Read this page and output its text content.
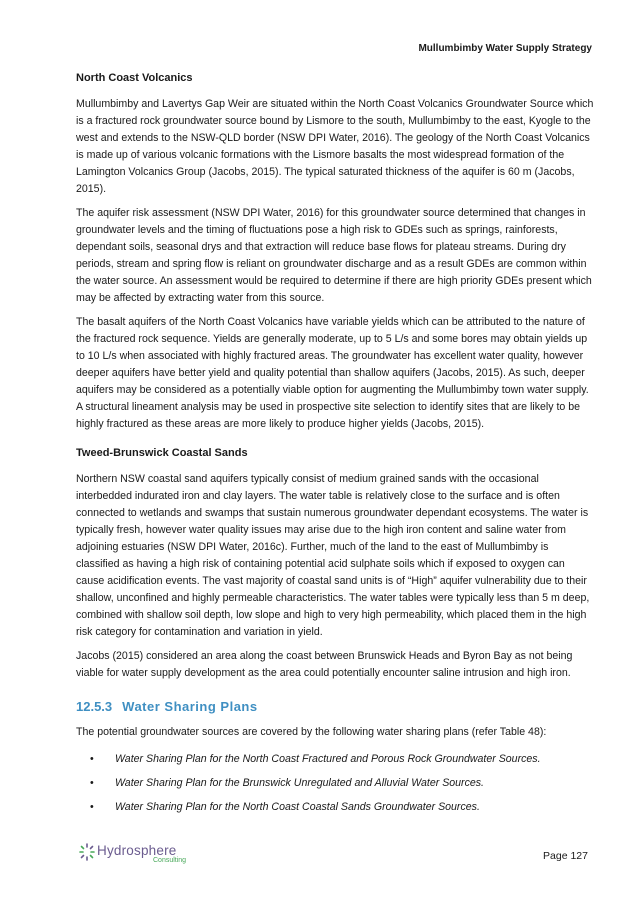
Mullumbimby Water Supply Strategy
North Coast Volcanics

Mullumbimby and Lavertys Gap Weir are situated within the North Coast Volcanics Groundwater Source which is a fractured rock groundwater source bound by Lismore to the south, Mullumbimby to the east, Kyogle to the west and extends to the NSW-QLD border (NSW DPI Water, 2016). The geology of the North Coast Volcanics is made up of various volcanic formations with the Lismore basalts the most widespread formation of the Lamington Volcanics Group (Jacobs, 2015). The typical saturated thickness of the aquifer is 60 m (Jacobs, 2015).

The aquifer risk assessment (NSW DPI Water, 2016) for this groundwater source determined that changes in groundwater levels and the timing of fluctuations pose a high risk to GDEs such as springs, rainforests, dependant soils, seasonal drys and that extraction will reduce base flows for plateau streams. During dry periods, stream and spring flow is reliant on groundwater discharge and as a result GDEs are common within the water source. An assessment would be required to determine if there are high priority GDEs present which may be affected by extracting water from this source.

The basalt aquifers of the North Coast Volcanics have variable yields which can be attributed to the nature of the fractured rock sequence. Yields are generally moderate, up to 5 L/s and some bores may obtain yields up to 10 L/s when associated with highly fractured areas. The groundwater has excellent water quality, however deeper aquifers have better yield and quality potential than shallow aquifers (Jacobs, 2015). As such, deeper aquifers may be considered as a potentially viable option for augmenting the Mullumbimby town water supply. A structural lineament analysis may be used in prospective site selection to identify sites that are likely to be highly fractured as these areas are more likely to produce higher yields (Jacobs, 2015).

Tweed-Brunswick Coastal Sands

Northern NSW coastal sand aquifers typically consist of medium grained sands with the occasional interbedded indurated iron and clay layers. The water table is relatively close to the surface and is often connected to wetlands and swamps that sustain numerous groundwater dependant ecosystems. The water is typically fresh, however water quality issues may arise due to the high iron content and saline water from adjoining estuaries (NSW DPI Water, 2016c). Further, much of the land to the east of Mullumbimby is classified as having a high risk of containing potential acid sulphate soils which if exposed to oxygen can cause acidification events. The vast majority of coastal sand units is of “High” aquifer vulnerability due to their shallow, unconfined and highly permeable characteristics. The water tables were typically less than 5 m deep, combined with shallow soil depth, low slope and high to very high permeability, which placed them in the high risk category for contamination and variation in yield.

Jacobs (2015) considered an area along the coast between Brunswick Heads and Byron Bay as not being viable for water supply development as the area could potentially encounter saline intrusion and high iron.

12.5.3 Water Sharing Plans

The potential groundwater sources are covered by the following water sharing plans (refer Table 48):

• Water Sharing Plan for the North Coast Fractured and Porous Rock Groundwater Sources.
• Water Sharing Plan for the Brunswick Unregulated and Alluvial Water Sources.
• Water Sharing Plan for the North Coast Coastal Sands Groundwater Sources.
Hydrosphere
Consulting	Page 127
